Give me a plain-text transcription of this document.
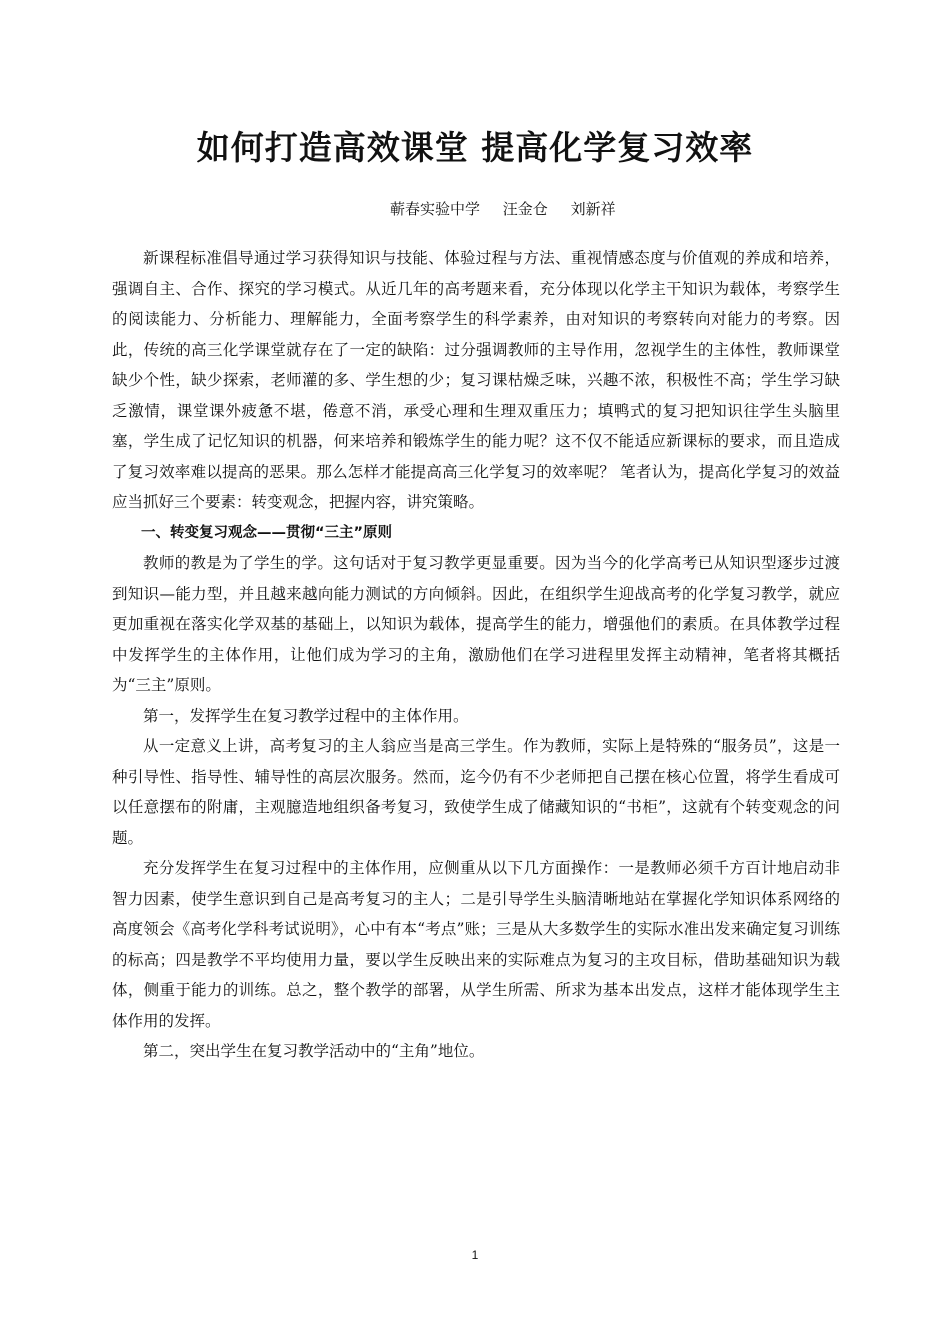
如何打造高效课堂 提高化学复习效率
蕲春实验中学 汪金仓 刘新祥

新课程标准倡导通过学习获得知识与技能、体验过程与方法、重视情感态度与价值观的养成和培养，强调自主、合作、探究的学习模式。从近几年的高考题来看，充分体现以化学主干知识为载体，考察学生的阅读能力、分析能力、理解能力，全面考察学生的科学素养，由对知识的考察转向对能力的考察。因此，传统的高三化学课堂就存在了一定的缺陷：过分强调教师的主导作用，忽视学生的主体性，教师课堂缺少个性，缺少探索，老师灌的多、学生想的少；复习课枯燥乏味，兴趣不浓，积极性不高；学生学习缺乏激情，课堂课外疲惫不堪，倦意不消，承受心理和生理双重压力；填鸭式的复习把知识往学生头脑里塞，学生成了记忆知识的机器，何来培养和锻炼学生的能力呢？这不仅不能适应新课标的要求，而且造成了复习效率难以提高的恶果。那么怎样才能提高高三化学复习的效率呢？ 笔者认为，提高化学复习的效益应当抓好三个要素：转变观念，把握内容，讲究策略。

一、转变复习观念——贯彻“三主”原则

教师的教是为了学生的学。这句话对于复习教学更显重要。因为当今的化学高考已从知识型逐步过渡到知识—能力型，并且越来越向能力测试的方向倾斜。因此，在组织学生迎战高考的化学复习教学，就应更加重视在落实化学双基的基础上，以知识为载体，提高学生的能力，增强他们的素质。在具体教学过程中发挥学生的主体作用，让他们成为学习的主角，激励他们在学习进程里发挥主动精神，笔者将其概括为“三主”原则。

第一，发挥学生在复习教学过程中的主体作用。

从一定意义上讲，高考复习的主人翁应当是高三学生。作为教师，实际上是特殊的“服务员”，这是一种引导性、指导性、辅导性的高层次服务。然而，迄今仍有不少老师把自己摆在核心位置，将学生看成可以任意摆布的附庸，主观臆造地组织备考复习，致使学生成了储藏知识的“书柜”，这就有个转变观念的问题。

充分发挥学生在复习过程中的主体作用，应侧重从以下几方面操作：一是教师必须千方百计地启动非智力因素，使学生意识到自己是高考复习的主人；二是引导学生头脑清晰地站在掌握化学知识体系网络的高度领会《高考化学科考试说明》，心中有本“考点”账；三是从大多数学生的实际水准出发来确定复习训练的标高；四是教学不平均使用力量，要以学生反映出来的实际难点为复习的主攻目标，借助基础知识为载体，侧重于能力的训练。总之，整个教学的部署，从学生所需、所求为基本出发点，这样才能体现学生主体作用的发挥。

第二，突出学生在复习教学活动中的“主角”地位。

1
